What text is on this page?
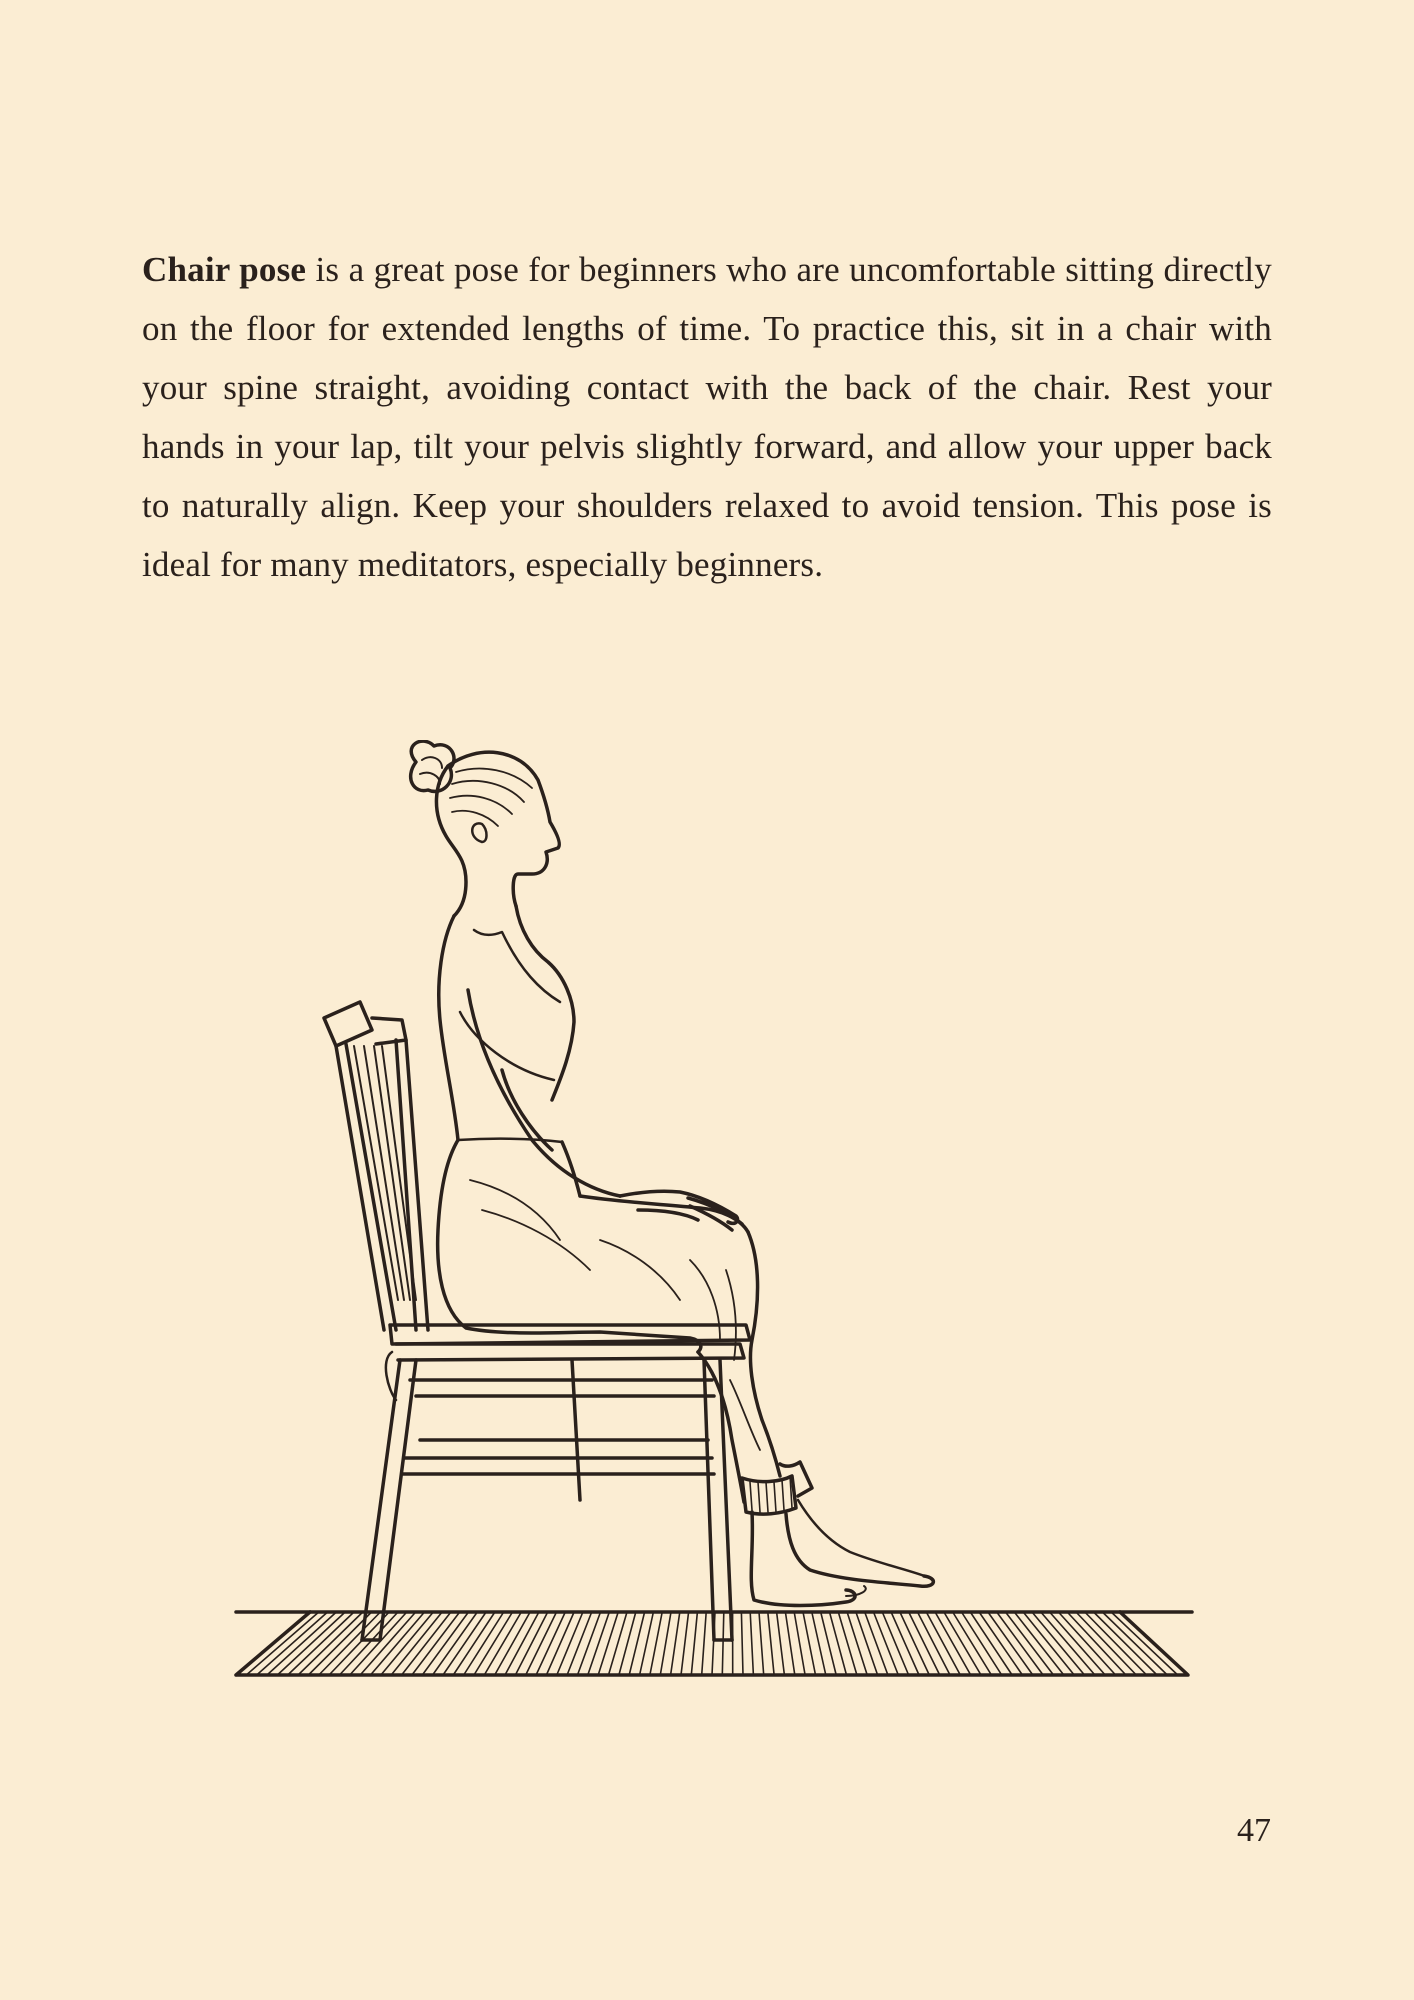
Chair pose is a great pose for beginners who are uncomfortable sitting directly on the floor for extended lengths of time. To practice this, sit in a chair with your spine straight, avoiding contact with the back of the chair. Rest your hands in your lap, tilt your pelvis slightly forward, and allow your upper back to naturally align. Keep your shoulders relaxed to avoid tension. This pose is ideal for many meditators, especially beginners.

47
